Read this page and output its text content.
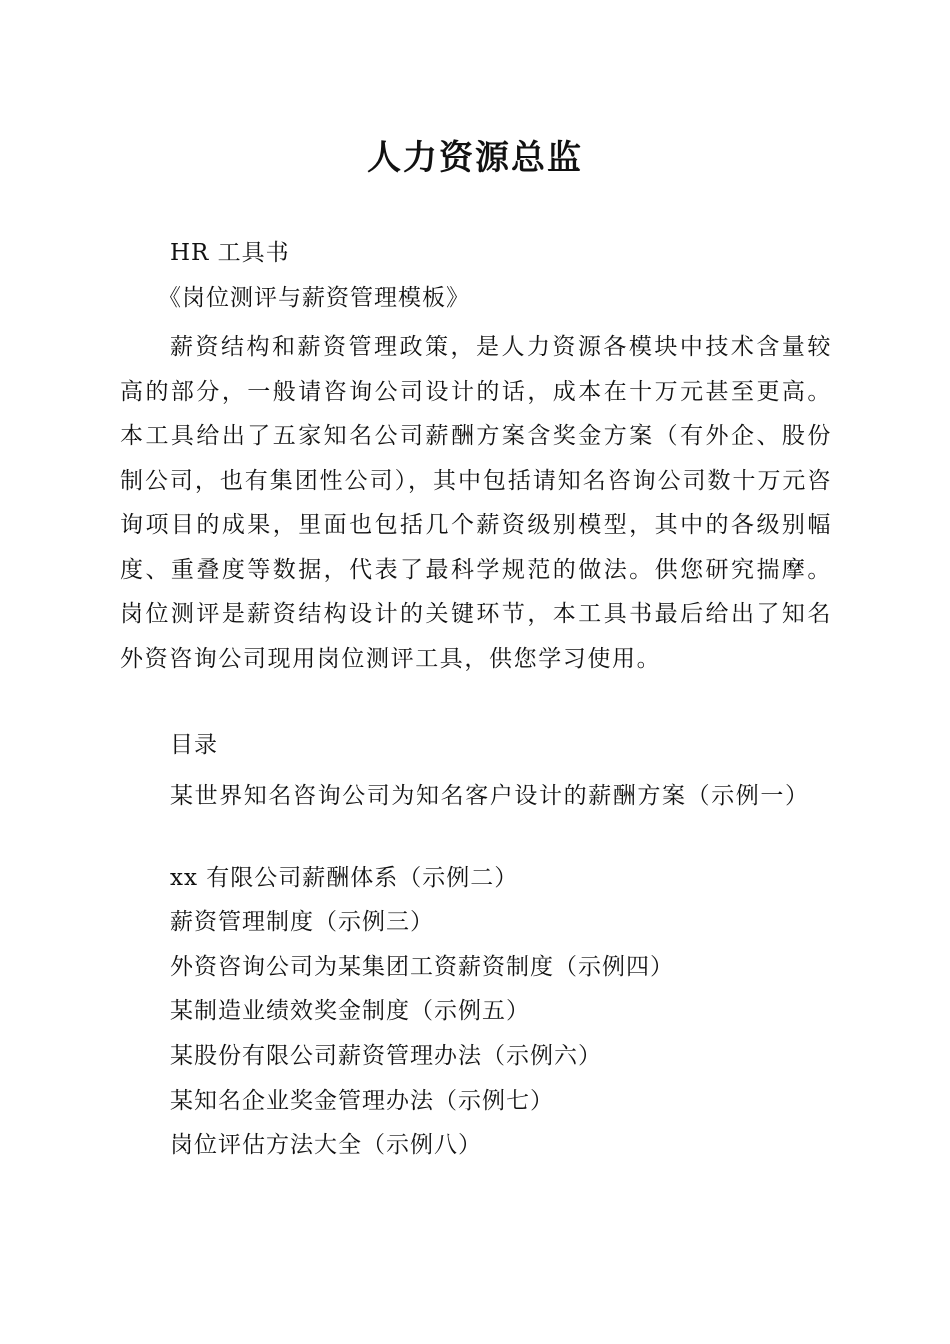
人力资源总监

HR 工具书

《岗位测评与薪资管理模板》

薪资结构和薪资管理政策，是人力资源各模块中技术含量较高的部分，一般请咨询公司设计的话，成本在十万元甚至更高。本工具给出了五家知名公司薪酬方案含奖金方案（有外企、股份制公司，也有集团性公司），其中包括请知名咨询公司数十万元咨询项目的成果，里面也包括几个薪资级别模型，其中的各级别幅度、重叠度等数据，代表了最科学规范的做法。供您研究揣摩。岗位测评是薪资结构设计的关键环节，本工具书最后给出了知名外资咨询公司现用岗位测评工具，供您学习使用。

目录

某世界知名咨询公司为知名客户设计的薪酬方案（示例一）

xx 有限公司薪酬体系（示例二）

薪资管理制度（示例三）

外资咨询公司为某集团工资薪资制度（示例四）

某制造业绩效奖金制度（示例五）

某股份有限公司薪资管理办法（示例六）

某知名企业奖金管理办法（示例七）

岗位评估方法大全（示例八）
